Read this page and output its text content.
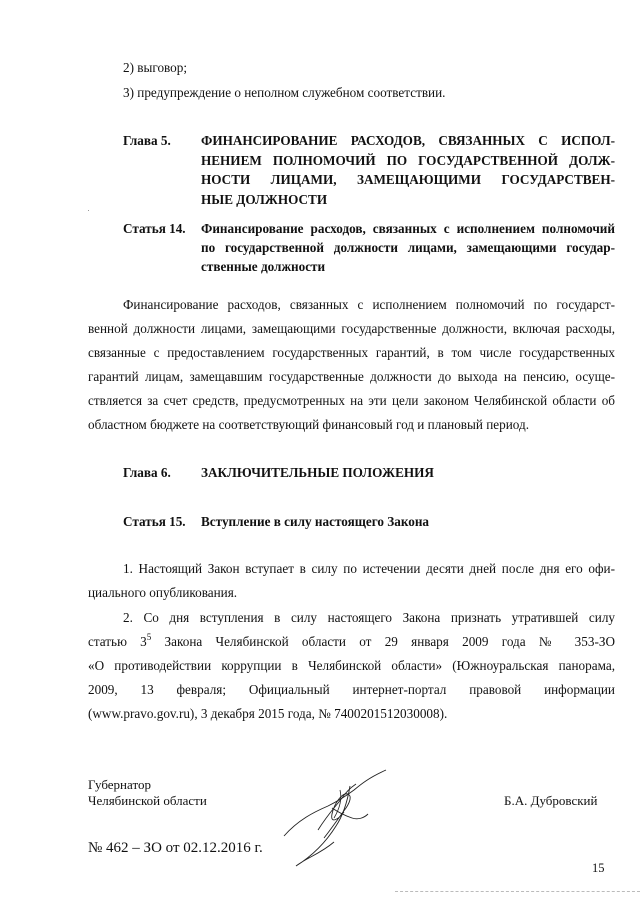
2) выговор;
3) предупреждение о неполном служебном соответствии.
Глава 5. ФИНАНСИРОВАНИЕ РАСХОДОВ, СВЯЗАННЫХ С ИСПОЛ-
НЕНИЕМ ПОЛНОМОЧИЙ ПО ГОСУДАРСТВЕННОЙ ДОЛЖ-
НОСТИ ЛИЦАМИ, ЗАМЕЩАЮЩИМИ ГОСУДАРСТВЕН-
НЫЕ ДОЛЖНОСТИ
Статья 14. Финансирование расходов, связанных с исполнением полномочий
по государственной должности лицами, замещающими государ-
ственные должности
Финансирование расходов, связанных с исполнением полномочий по государст-
венной должности лицами, замещающими государственные должности, включая расходы,
связанные с предоставлением государственных гарантий, в том числе государственных
гарантий лицам, замещавшим государственные должности до выхода на пенсию, осуще-
ствляется за счет средств, предусмотренных на эти цели законом Челябинской области об
областном бюджете на соответствующий финансовый год и плановый период.
Глава 6. ЗАКЛЮЧИТЕЛЬНЫЕ ПОЛОЖЕНИЯ
Статья 15. Вступление в силу настоящего Закона
1. Настоящий Закон вступает в силу по истечении десяти дней после дня его офи-
циального опубликования.
2. Со дня вступления в силу настоящего Закона признать утратившей силу
статью $3^5$ Закона Челябинской области от 29 января 2009 года № 353-ЗО
«О противодействии коррупции в Челябинской области» (Южноуральская панорама,
2009, 13 февраля; Официальный интернет-портал правовой информации
(www.pravo.gov.ru), 3 декабря 2015 года, № 7400201512030008).
Губернатор
Челябинской области	Б.А. Дубровский
№ 462 – ЗО от 02.12.2016 г.
15
